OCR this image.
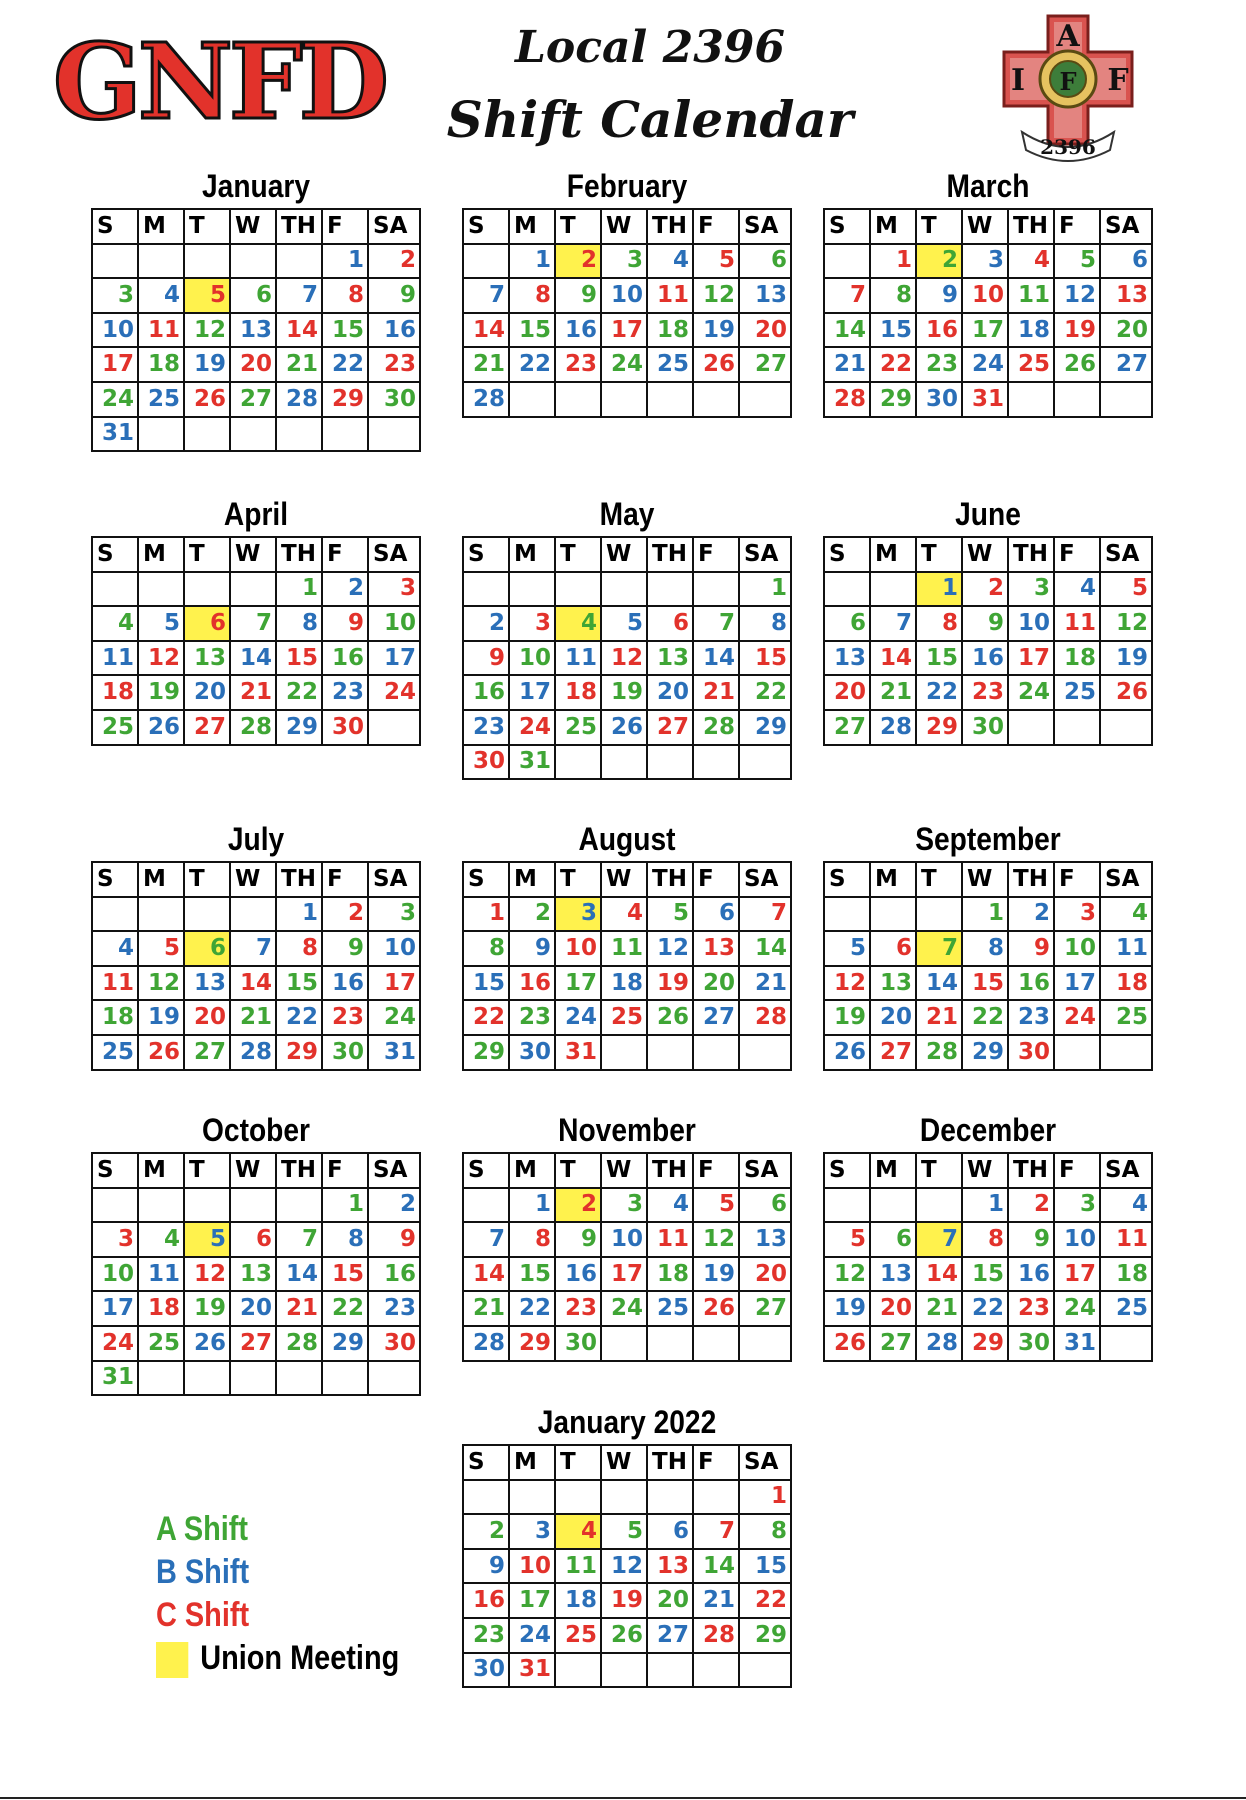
GNFD	Local 2396
Shift Calendar
A
I F F
2396
January
S	M	T	W	TH	F	SA
					1	2
3	4	5	6	7	8	9
10	11	12	13	14	15	16
17	18	19	20	21	22	23
24	25	26	27	28	29	30
31						
February
S	M	T	W	TH	F	SA
	1	2	3	4	5	6
7	8	9	10	11	12	13
14	15	16	17	18	19	20
21	22	23	24	25	26	27
28						
March
S	M	T	W	TH	F	SA
	1	2	3	4	5	6
7	8	9	10	11	12	13
14	15	16	17	18	19	20
21	22	23	24	25	26	27
28	29	30	31			
April
S	M	T	W	TH	F	SA
				1	2	3
4	5	6	7	8	9	10
11	12	13	14	15	16	17
18	19	20	21	22	23	24
25	26	27	28	29	30	
May
S	M	T	W	TH	F	SA
						1
2	3	4	5	6	7	8
9	10	11	12	13	14	15
16	17	18	19	20	21	22
23	24	25	26	27	28	29
30	31					
June
S	M	T	W	TH	F	SA
		1	2	3	4	5
6	7	8	9	10	11	12
13	14	15	16	17	18	19
20	21	22	23	24	25	26
27	28	29	30			
July
S	M	T	W	TH	F	SA
				1	2	3
4	5	6	7	8	9	10
11	12	13	14	15	16	17
18	19	20	21	22	23	24
25	26	27	28	29	30	31
August
S	M	T	W	TH	F	SA
1	2	3	4	5	6	7
8	9	10	11	12	13	14
15	16	17	18	19	20	21
22	23	24	25	26	27	28
29	30	31				
September
S	M	T	W	TH	F	SA
			1	2	3	4
5	6	7	8	9	10	11
12	13	14	15	16	17	18
19	20	21	22	23	24	25
26	27	28	29	30		
October
S	M	T	W	TH	F	SA
					1	2
3	4	5	6	7	8	9
10	11	12	13	14	15	16
17	18	19	20	21	22	23
24	25	26	27	28	29	30
31						
November
S	M	T	W	TH	F	SA
	1	2	3	4	5	6
7	8	9	10	11	12	13
14	15	16	17	18	19	20
21	22	23	24	25	26	27
28	29	30				
December
S	M	T	W	TH	F	SA
			1	2	3	4
5	6	7	8	9	10	11
12	13	14	15	16	17	18
19	20	21	22	23	24	25
26	27	28	29	30	31	
January 2022
S	M	T	W	TH	F	SA
						1
2	3	4	5	6	7	8
9	10	11	12	13	14	15
16	17	18	19	20	21	22
23	24	25	26	27	28	29
30	31					
A Shift
B Shift
C Shift
Union Meeting
